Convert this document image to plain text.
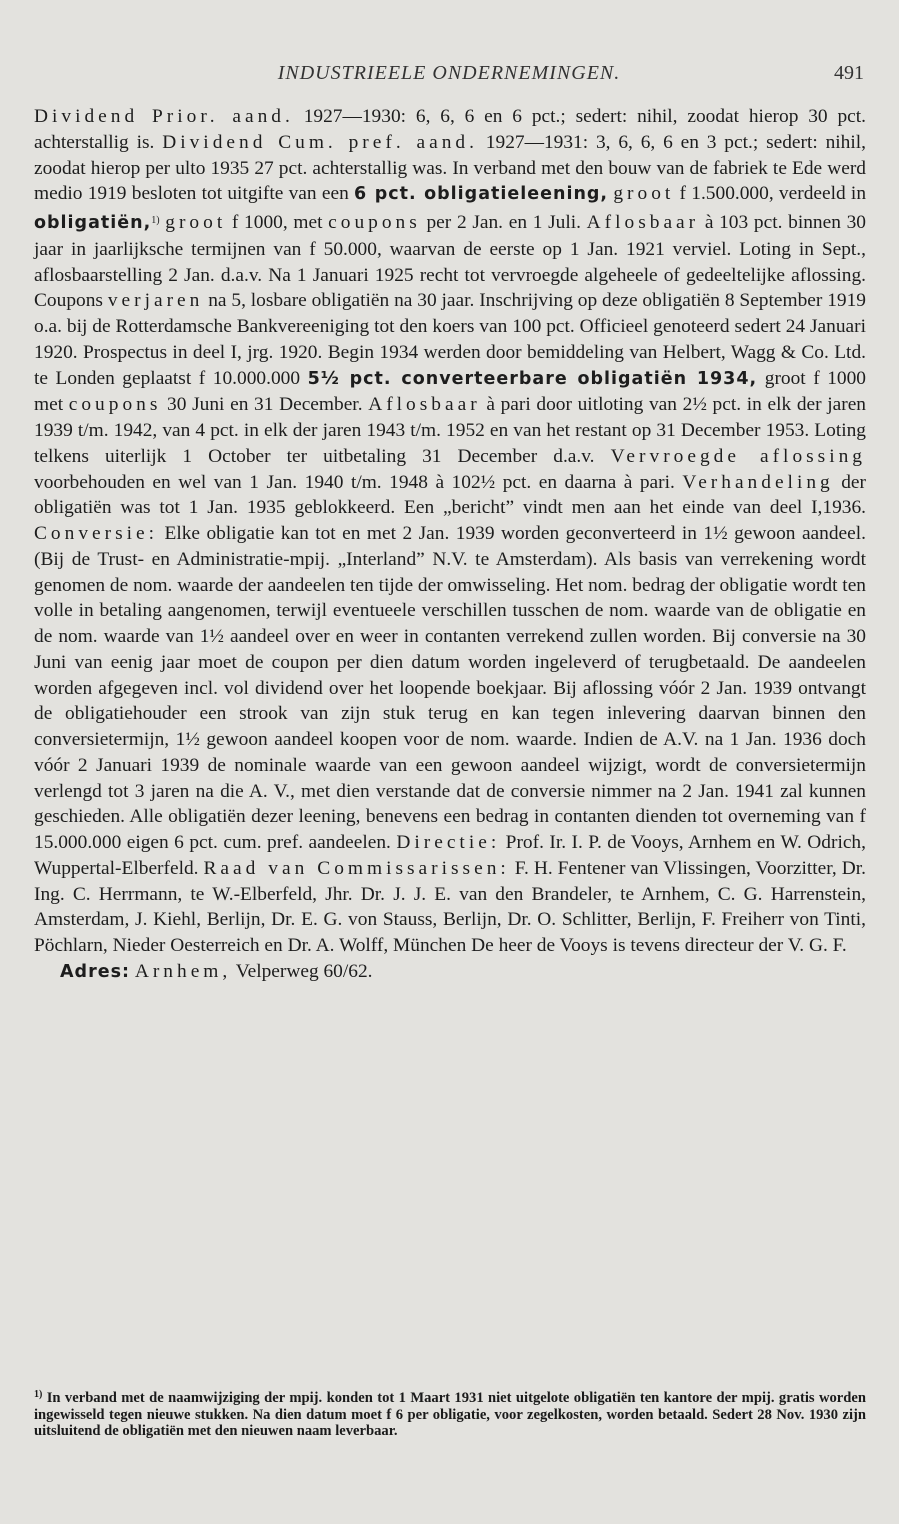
INDUSTRIEELE ONDERNEMINGEN.	491
Dividend Prior. aand. 1927—1930: 6, 6, 6 en 6 pct.; sedert: nihil, zoodat hierop 30 pct. achterstallig is. Dividend Cum. pref. aand. 1927—1931: 3, 6, 6, 6 en 3 pct.; sedert: nihil, zoodat hierop per ulto 1935 27 pct. achterstallig was. In verband met den bouw van de fabriek te Ede werd medio 1919 besloten tot uitgifte van een 6 pct. obligatieleening, groot f 1.500.000, verdeeld in obligatiën,$^{1)}$ groot f 1000, met coupons per 2 Jan. en 1 Juli. Aflosbaar à 103 pct. binnen 30 jaar in jaarlijksche termijnen van f 50.000, waarvan de eerste op 1 Jan. 1921 verviel. Loting in Sept., aflosbaarstelling 2 Jan. d.a.v. Na 1 Januari 1925 recht tot vervroegde algeheele of gedeeltelijke aflossing. Coupons verjaren na 5, losbare obligatiën na 30 jaar. Inschrijving op deze obligatiën 8 September 1919 o.a. bij de Rotterdamsche Bankvereeniging tot den koers van 100 pct. Officieel genoteerd sedert 24 Januari 1920. Prospectus in deel I, jrg. 1920. Begin 1934 werden door bemiddeling van Helbert, Wagg & Co. Ltd. te Londen geplaatst f 10.000.000 5½ pct. converteerbare obligatiën 1934, groot f 1000 met coupons 30 Juni en 31 December. Aflosbaar à pari door uitloting van 2½ pct. in elk der jaren 1939 t/m. 1942, van 4 pct. in elk der jaren 1943 t/m. 1952 en van het restant op 31 December 1953. Loting telkens uiterlijk 1 October ter uitbetaling 31 December d.a.v. Vervroegde aflossing voorbehouden en wel van 1 Jan. 1940 t/m. 1948 à 102½ pct. en daarna à pari. Verhandeling der obligatiën was tot 1 Jan. 1935 geblokkeerd. Een „bericht” vindt men aan het einde van deel I,1936. Conversie: Elke obligatie kan tot en met 2 Jan. 1939 worden geconverteerd in 1½ gewoon aandeel. (Bij de Trust- en Administratie-mpij. „Interland” N.V. te Amsterdam). Als basis van verrekening wordt genomen de nom. waarde der aandeelen ten tijde der omwisseling. Het nom. bedrag der obligatie wordt ten volle in betaling aangenomen, terwijl eventueele verschillen tusschen de nom. waarde van de obligatie en de nom. waarde van 1½ aandeel over en weer in contanten verrekend zullen worden. Bij conversie na 30 Juni van eenig jaar moet de coupon per dien datum worden ingeleverd of terugbetaald. De aandeelen worden afgegeven incl. vol dividend over het loopende boekjaar. Bij aflossing vóór 2 Jan. 1939 ontvangt de obligatiehouder een strook van zijn stuk terug en kan tegen inlevering daarvan binnen den conversietermijn, 1½ gewoon aandeel koopen voor de nom. waarde. Indien de A.V. na 1 Jan. 1936 doch vóór 2 Januari 1939 de nominale waarde van een gewoon aandeel wijzigt, wordt de conversietermijn verlengd tot 3 jaren na die A. V., met dien verstande dat de conversie nimmer na 2 Jan. 1941 zal kunnen geschieden. Alle obligatiën dezer leening, benevens een bedrag in contanten dienden tot overneming van f 15.000.000 eigen 6 pct. cum. pref. aandeelen. Directie: Prof. Ir. I. P. de Vooys, Arnhem en W. Odrich, Wuppertal-Elberfeld. Raad van Commissarissen: F. H. Fentener van Vlissingen, Voorzitter, Dr. Ing. C. Herrmann, te W.-Elberfeld, Jhr. Dr. J. J. E. van den Brandeler, te Arnhem, C. G. Harrenstein, Amsterdam, J. Kiehl, Berlijn, Dr. E. G. von Stauss, Berlijn, Dr. O. Schlitter, Berlijn, F. Freiherr von Tinti, Pöchlarn, Nieder Oesterreich en Dr. A. Wolff, München De heer de Vooys is tevens directeur der V. G. F.
Adres: Arnhem, Velperweg 60/62.
$^{1)}$ In verband met de naamwijziging der mpij. konden tot 1 Maart 1931 niet uitgelote obligatiën ten kantore der mpij. gratis worden ingewisseld tegen nieuwe stukken. Na dien datum moet f 6 per obligatie, voor zegelkosten, worden betaald. Sedert 28 Nov. 1930 zijn uitsluitend de obligatiën met den nieuwen naam leverbaar.
